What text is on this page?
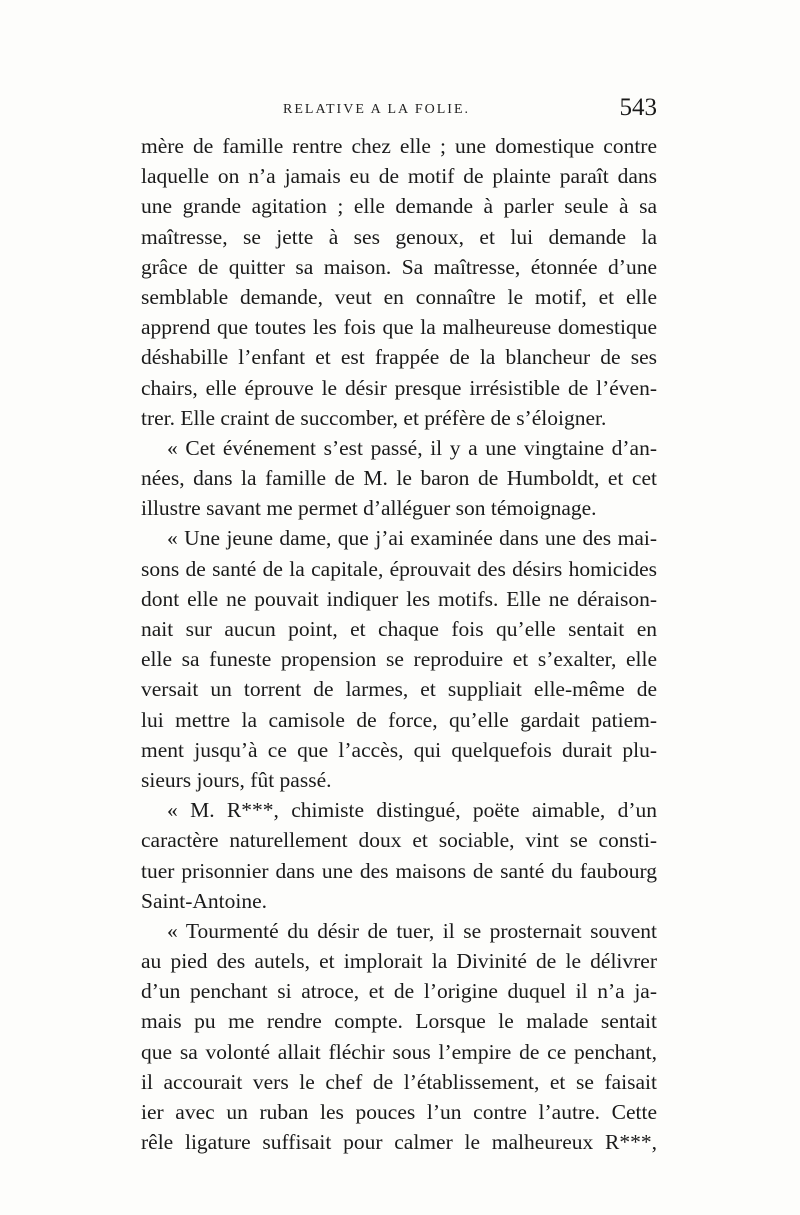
RELATIVE A LA FOLIE.	543
mère de famille rentre chez elle ; une domestique contre
laquelle on n’a jamais eu de motif de plainte paraît dans
une grande agitation ; elle demande à parler seule à sa
maîtresse, se jette à ses genoux, et lui demande la
grâce de quitter sa maison. Sa maîtresse, étonnée d’une
semblable demande, veut en connaître le motif, et elle
apprend que toutes les fois que la malheureuse domestique
déshabille l’enfant et est frappée de la blancheur de ses
chairs, elle éprouve le désir presque irrésistible de l’éven-
trer. Elle craint de succomber, et préfère de s’éloigner.
« Cet événement s’est passé, il y a une vingtaine d’an-
nées, dans la famille de M. le baron de Humboldt, et cet
illustre savant me permet d’alléguer son témoignage.
« Une jeune dame, que j’ai examinée dans une des mai-
sons de santé de la capitale, éprouvait des désirs homicides
dont elle ne pouvait indiquer les motifs. Elle ne déraison-
nait sur aucun point, et chaque fois qu’elle sentait en
elle sa funeste propension se reproduire et s’exalter, elle
versait un torrent de larmes, et suppliait elle-même de
lui mettre la camisole de force, qu’elle gardait patiem-
ment jusqu’à ce que l’accès, qui quelquefois durait plu-
sieurs jours, fût passé.
« M. R***, chimiste distingué, poëte aimable, d’un
caractère naturellement doux et sociable, vint se consti-
tuer prisonnier dans une des maisons de santé du faubourg
Saint-Antoine.
« Tourmenté du désir de tuer, il se prosternait souvent
au pied des autels, et implorait la Divinité de le délivrer
d’un penchant si atroce, et de l’origine duquel il n’a ja-
mais pu me rendre compte. Lorsque le malade sentait
que sa volonté allait fléchir sous l’empire de ce penchant,
il accourait vers le chef de l’établissement, et se faisait
ier avec un ruban les pouces l’un contre l’autre. Cette
rêle ligature suffisait pour calmer le malheureux R***,
